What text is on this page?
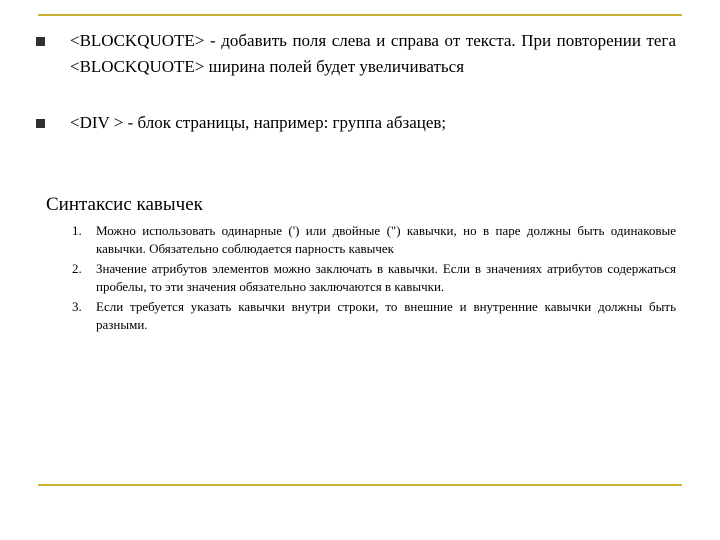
<BLOCKQUOTE> - добавить поля слева и справа от текста. При повторении тега <BLOCKQUOTE> ширина полей будет увеличиваться
<DIV > - блок страницы, например: группа абзацев;
Синтаксис кавычек
1. Можно использовать одинарные (') или двойные (") кавычки, но в паре должны быть одинаковые кавычки. Обязательно соблюдается парность кавычек
2. Значение атрибутов элементов можно заключать в кавычки. Если в значениях атрибутов содержаться пробелы, то эти значения обязательно заключаются в кавычки.
3. Если требуется указать кавычки внутри строки, то внешние и внутренние кавычки должны быть разными.
